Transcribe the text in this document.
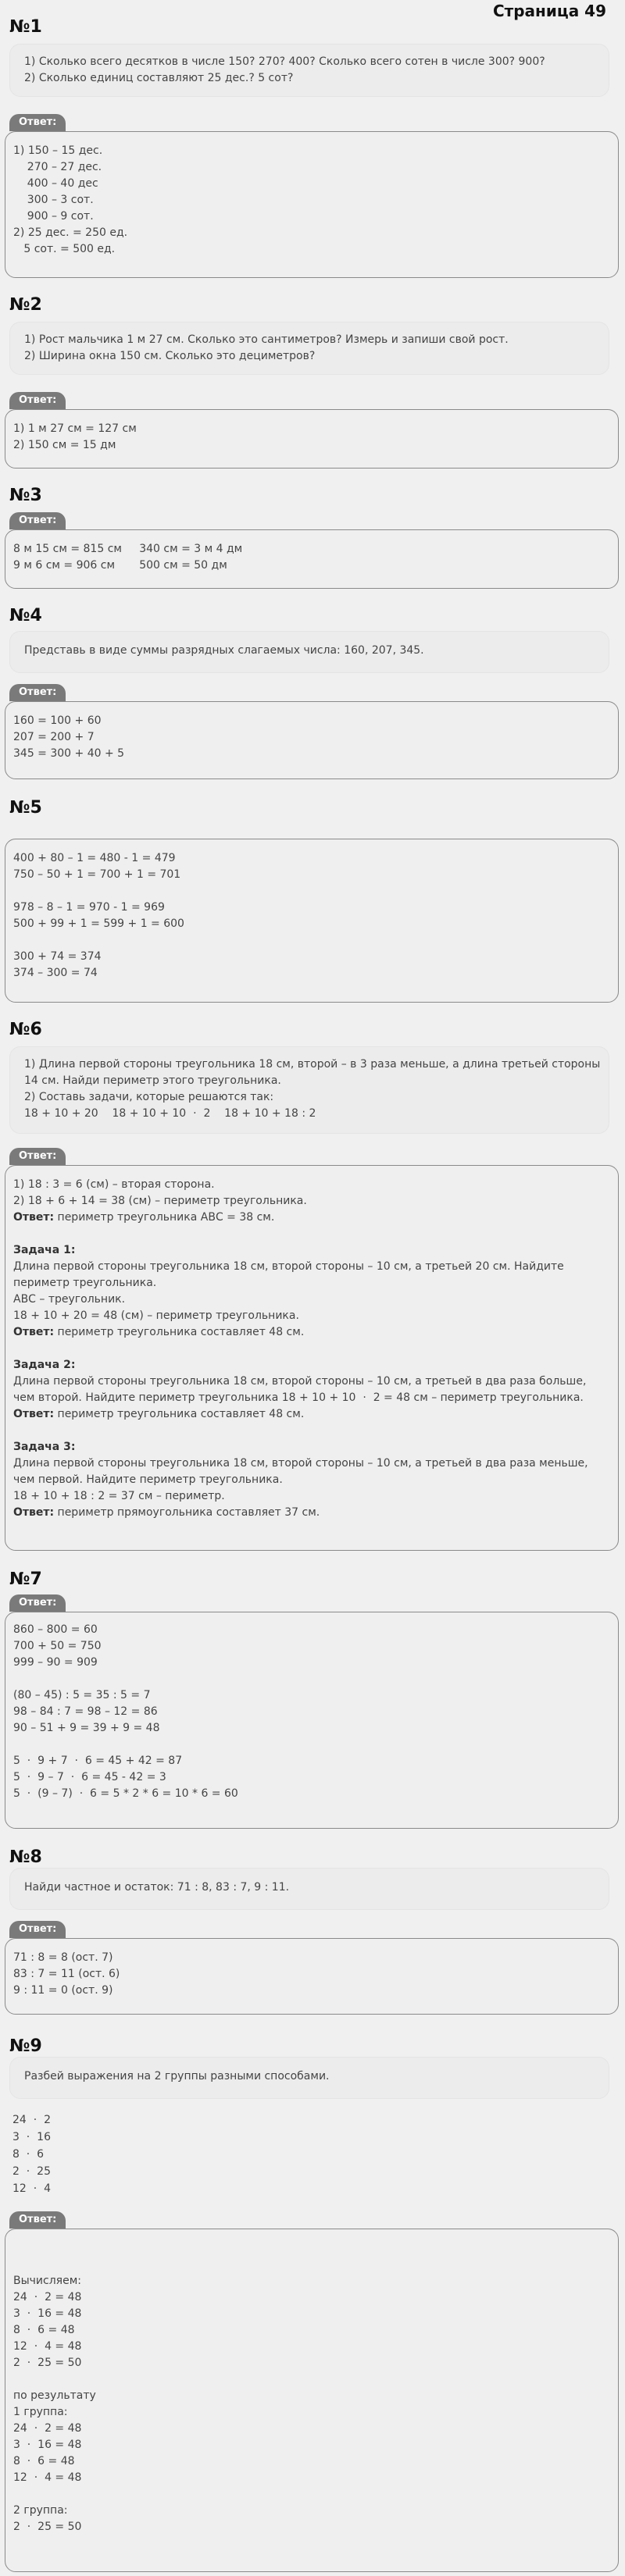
Страница 49
№1
1) Сколько всего десятков в числе 150? 270? 400? Сколько всего сотен в числе 300? 900?
2) Сколько единиц составляют 25 дес.? 5 сот?
Ответ:
1) 150 – 15 дес.
270 – 27 дес.
400 – 40 дес
300 – 3 сот.
900 – 9 сот.
2) 25 дес. = 250 ед.
5 сот. = 500 ед.
№2
1) Рост мальчика 1 м 27 см. Сколько это сантиметров? Измерь и запиши свой рост.
2) Ширина окна 150 см. Сколько это дециметров?
Ответ:
1) 1 м 27 см = 127 см
2) 150 см = 15 дм
№3
Ответ:
8 м 15 см = 815 см     340 см = 3 м 4 дм
9 м 6 см = 906 см       500 см = 50 дм
№4
Представь в виде суммы разрядных слагаемых числа: 160, 207, 345.
Ответ:
160 = 100 + 60
207 = 200 + 7
345 = 300 + 40 + 5
№5
400 + 80 – 1 = 480 - 1 = 479
750 – 50 + 1 = 700 + 1 = 701
978 – 8 – 1 = 970 - 1 = 969
500 + 99 + 1 = 599 + 1 = 600
300 + 74 = 374
374 – 300 = 74
№6
1) Длина первой стороны треугольника 18 см, второй – в 3 раза меньше, а длина третьей стороны
14 см. Найди периметр этого треугольника.
2) Составь задачи, которые решаются так:
18 + 10 + 20    18 + 10 + 10  ·  2    18 + 10 + 18 : 2
Ответ:
1) 18 : 3 = 6 (см) – вторая сторона.
2) 18 + 6 + 14 = 38 (см) – периметр треугольника.
Ответ: периметр треугольника АВС = 38 см.
Задача 1:
Длина первой стороны треугольника 18 см, второй стороны – 10 см, а третьей 20 см. Найдите
периметр треугольника.
АВС – треугольник.
18 + 10 + 20 = 48 (см) – периметр треугольника.
Ответ: периметр треугольника составляет 48 см.
Задача 2:
Длина первой стороны треугольника 18 см, второй стороны – 10 см, а третьей в два раза больше,
чем второй. Найдите периметр треугольника 18 + 10 + 10  ·  2 = 48 см – периметр треугольника.
Ответ: периметр треугольника составляет 48 см.
Задача 3:
Длина первой стороны треугольника 18 см, второй стороны – 10 см, а третьей в два раза меньше,
чем первой. Найдите периметр треугольника.
18 + 10 + 18 : 2 = 37 см – периметр.
Ответ: периметр прямоугольника составляет 37 см.
№7
Ответ:
860 – 800 = 60
700 + 50 = 750
999 – 90 = 909
(80 – 45) : 5 = 35 : 5 = 7
98 – 84 : 7 = 98 – 12 = 86
90 – 51 + 9 = 39 + 9 = 48
5  ·  9 + 7  ·  6 = 45 + 42 = 87
5  ·  9 – 7  ·  6 = 45 - 42 = 3
5  ·  (9 – 7)  ·  6 = 5 * 2 * 6 = 10 * 6 = 60
№8
Найди частное и остаток: 71 : 8, 83 : 7, 9 : 11.
Ответ:
71 : 8 = 8 (ост. 7)
83 : 7 = 11 (ост. 6)
9 : 11 = 0 (ост. 9)
№9
Разбей выражения на 2 группы разными способами.
24  ·  2
3  ·  16
8  ·  6
2  ·  25
12  ·  4
Ответ:
Вычисляем:
24  ·  2 = 48
3  ·  16 = 48
8  ·  6 = 48
12  ·  4 = 48
2  ·  25 = 50
по результату
1 группа:
24  ·  2 = 48
3  ·  16 = 48
8  ·  6 = 48
12  ·  4 = 48
2 группа:
2  ·  25 = 50
